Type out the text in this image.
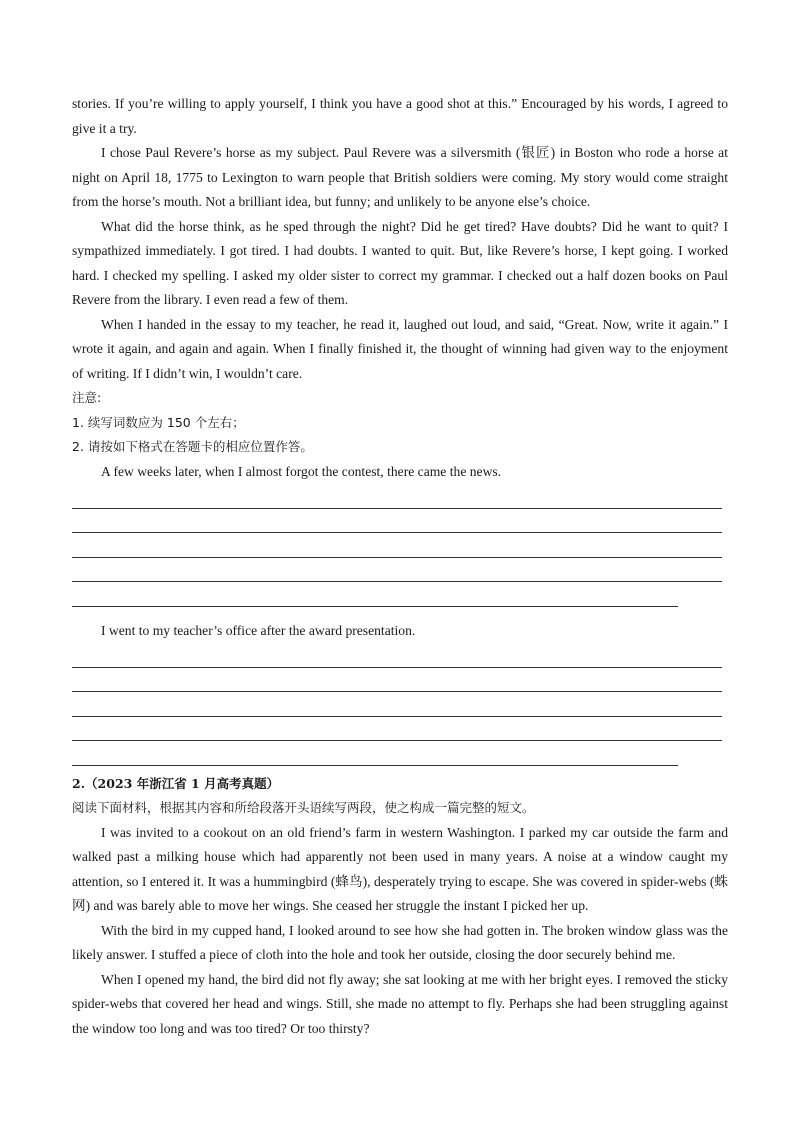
stories. If you’re willing to apply yourself, I think you have a good shot at this.” Encouraged by his words, I agreed to give it a try.

I chose Paul Revere’s horse as my subject. Paul Revere was a silversmith (银匠) in Boston who rode a horse at night on April 18, 1775 to Lexington to warn people that British soldiers were coming. My story would come straight from the horse’s mouth. Not a brilliant idea, but funny; and unlikely to be anyone else’s choice.

What did the horse think, as he sped through the night? Did he get tired? Have doubts? Did he want to quit? I sympathized immediately. I got tired. I had doubts. I wanted to quit. But, like Revere’s horse, I kept going. I worked hard. I checked my spelling. I asked my older sister to correct my grammar. I checked out a half dozen books on Paul Revere from the library. I even read a few of them.

When I handed in the essay to my teacher, he read it, laughed out loud, and said, “Great. Now, write it again.” I wrote it again, and again and again. When I finally finished it, the thought of winning had given way to the enjoyment of writing. If I didn’t win, I wouldn’t care.

注意:

1. 续写词数应为 150 个左右；

2. 请按如下格式在答题卡的相应位置作答。

A few weeks later, when I almost forgot the contest, there came the news.

I went to my teacher’s office after the award presentation.

2.（2023 年浙江省 1 月高考真题）

阅读下面材料，根据其内容和所给段落开头语续写两段，使之构成一篇完整的短文。

I was invited to a cookout on an old friend’s farm in western Washington. I parked my car outside the farm and walked past a milking house which had apparently not been used in many years. A noise at a window caught my attention, so I entered it. It was a hummingbird (蜂鸟), desperately trying to escape. She was covered in spider-webs (蛛网) and was barely able to move her wings. She ceased her struggle the instant I picked her up.

With the bird in my cupped hand, I looked around to see how she had gotten in. The broken window glass was the likely answer. I stuffed a piece of cloth into the hole and took her outside, closing the door securely behind me.

When I opened my hand, the bird did not fly away; she sat looking at me with her bright eyes. I removed the sticky spider-webs that covered her head and wings. Still, she made no attempt to fly. Perhaps she had been struggling against the window too long and was too tired? Or too thirsty?
